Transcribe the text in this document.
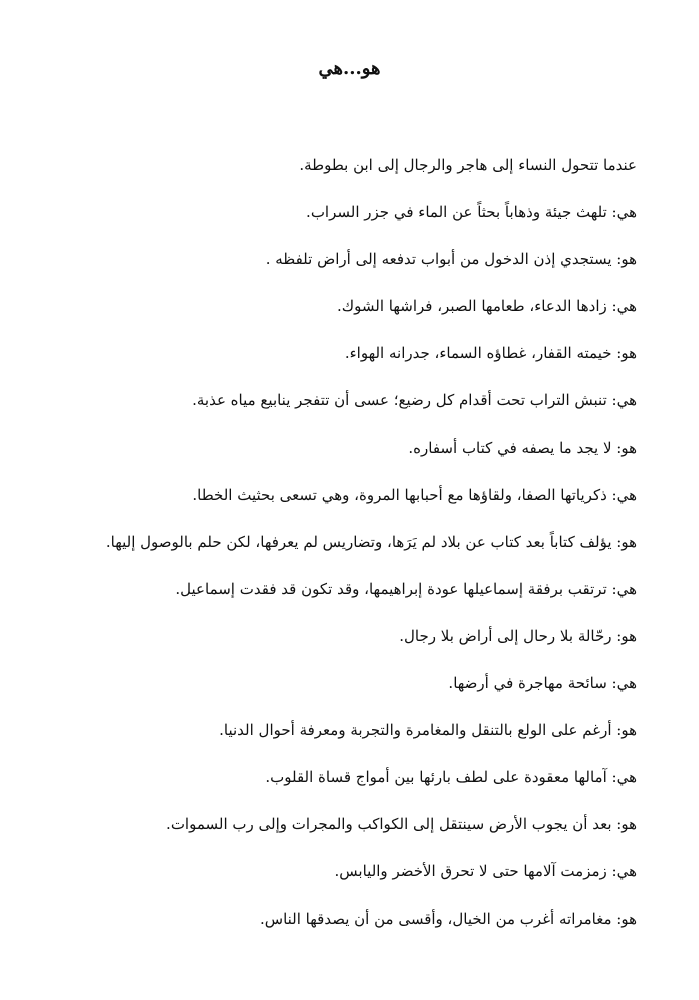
هو...هي
عندما تتحول النساء إلى هاجر والرجال إلى ابن بطوطة.
هي: تلهث جيئة وذهاباً بحثاً عن الماء في جزر السراب.
هو: يستجدي إذن الدخول من أبواب تدفعه إلى أراض تلفظه .
هي: زادها الدعاء، طعامها الصبر، فراشها الشوك.
هو: خيمته القفار، غطاؤه السماء، جدرانه الهواء.
هي: تنبش التراب تحت أقدام كل رضيع؛ عسى أن تتفجر ينابيع مياه عذبة.
هو: لا يجد ما يصفه في كتاب أسفاره.
هي: ذكرياتها الصفا، ولقاؤها مع أحبابها المروة، وهي تسعى بحثيث الخطا.
هو: يؤلف كتاباً بعد كتاب عن بلاد لم يَرَها، وتضاريس لم يعرفها، لكن حلم بالوصول إليها.
هي: ترتقب برفقة إسماعيلها عودة إبراهيمها، وقد تكون قد فقدت إسماعيل.
هو: رحّالة بلا رحال إلى أراض بلا رجال.
هي: سائحة مهاجرة في أرضها.
هو: أرغم على الولع بالتنقل والمغامرة والتجربة ومعرفة أحوال الدنيا.
هي: آمالها معقودة على لطف بارئها بين أمواج قساة القلوب.
هو: بعد أن يجوب الأرض سينتقل إلى الكواكب والمجرات وإلى رب السموات.
هي: زمزمت آلامها حتى لا تحرق الأخضر واليابس.
هو: مغامراته أغرب من الخيال، وأقسى من أن يصدقها الناس.
